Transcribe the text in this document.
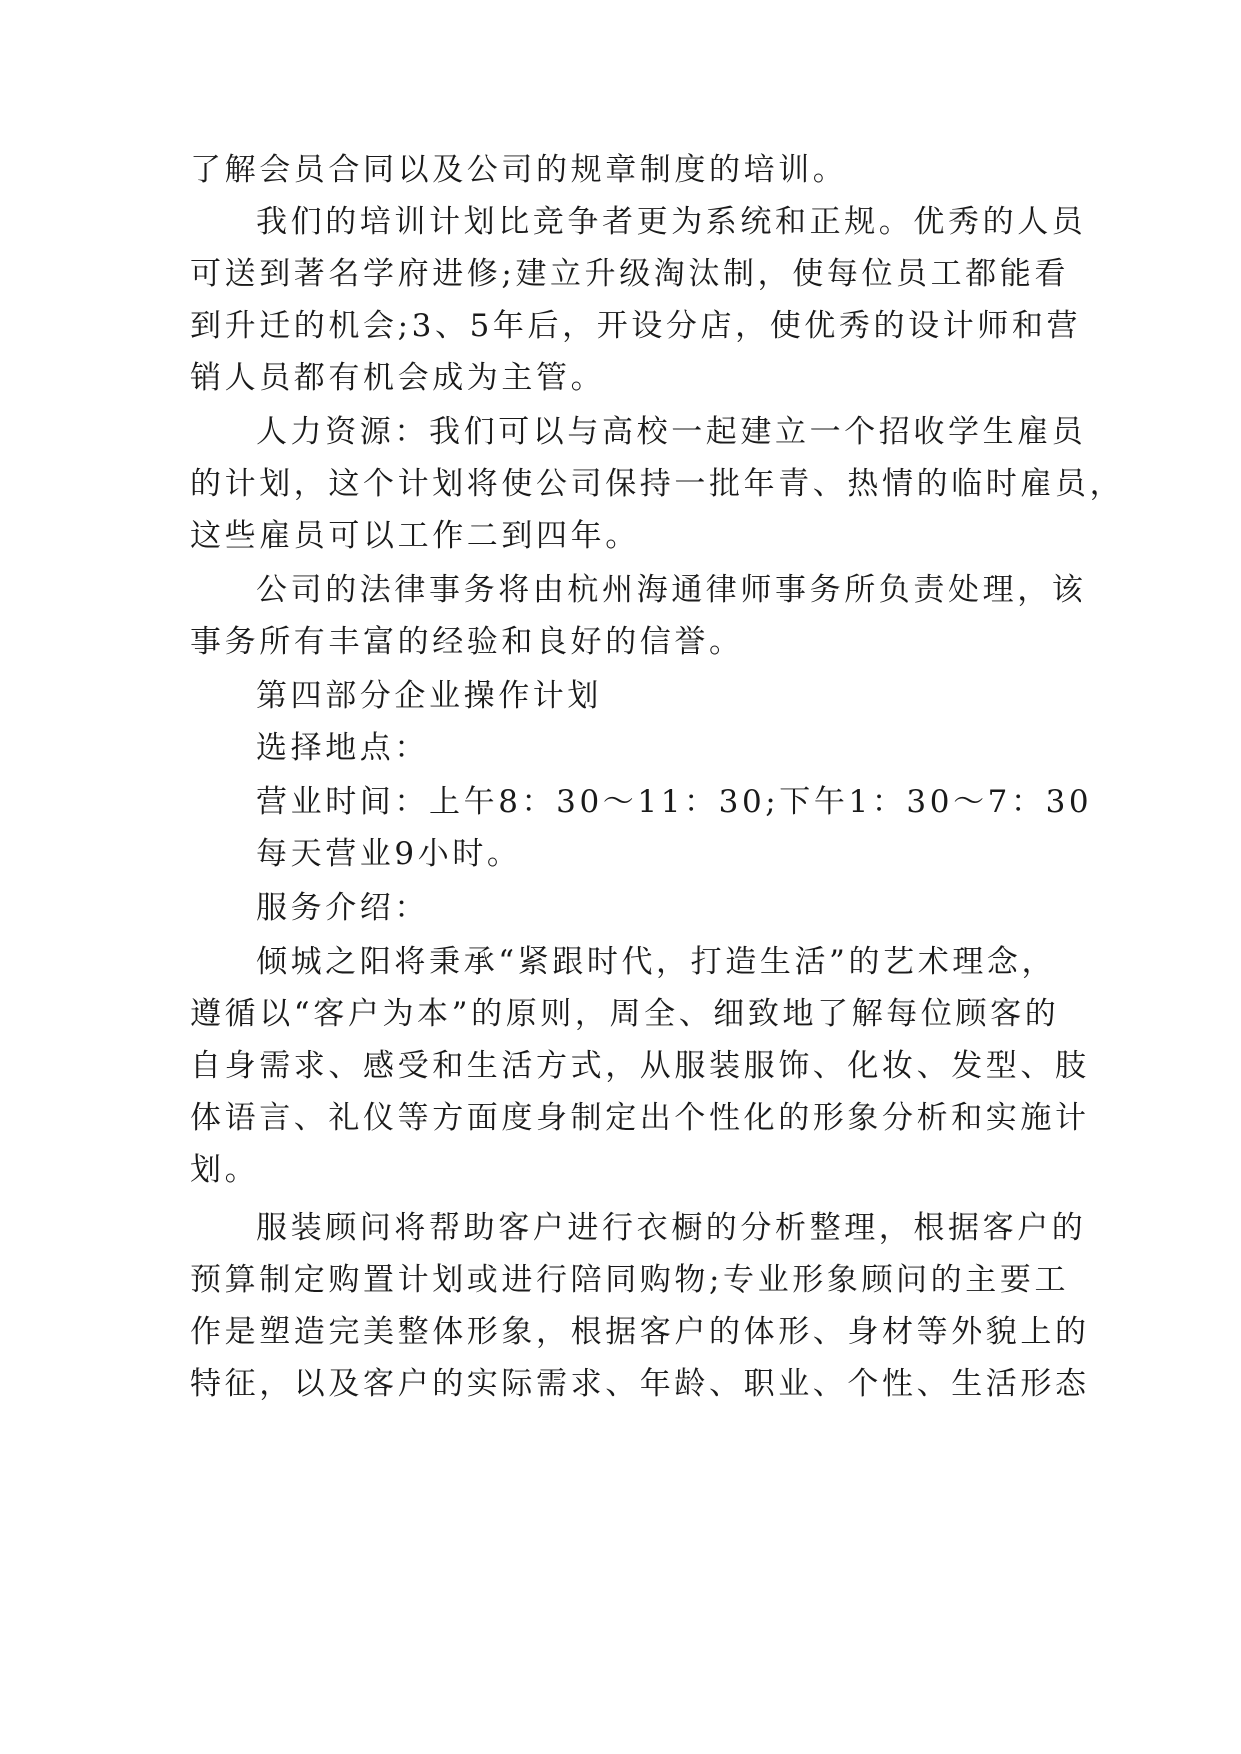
了解会员合同以及公司的规章制度的培训。
我们的培训计划比竞争者更为系统和正规。优秀的人员
可送到著名学府进修;建立升级淘汰制，使每位员工都能看
到升迁的机会;3、5年后，开设分店，使优秀的设计师和营
销人员都有机会成为主管。
人力资源：我们可以与高校一起建立一个招收学生雇员
的计划，这个计划将使公司保持一批年青、热情的临时雇员，
这些雇员可以工作二到四年。
公司的法律事务将由杭州海通律师事务所负责处理，该
事务所有丰富的经验和良好的信誉。
第四部分企业操作计划
选择地点：
营业时间：上午8：30～11：30;下午1：30～7：30
每天营业9小时。
服务介绍：
倾城之阳将秉承“紧跟时代，打造生活”的艺术理念，
遵循以“客户为本”的原则，周全、细致地了解每位顾客的
自身需求、感受和生活方式，从服装服饰、化妆、发型、肢
体语言、礼仪等方面度身制定出个性化的形象分析和实施计
划。
服装顾问将帮助客户进行衣橱的分析整理，根据客户的
预算制定购置计划或进行陪同购物;专业形象顾问的主要工
作是塑造完美整体形象，根据客户的体形、身材等外貌上的
特征，以及客户的实际需求、年龄、职业、个性、生活形态
